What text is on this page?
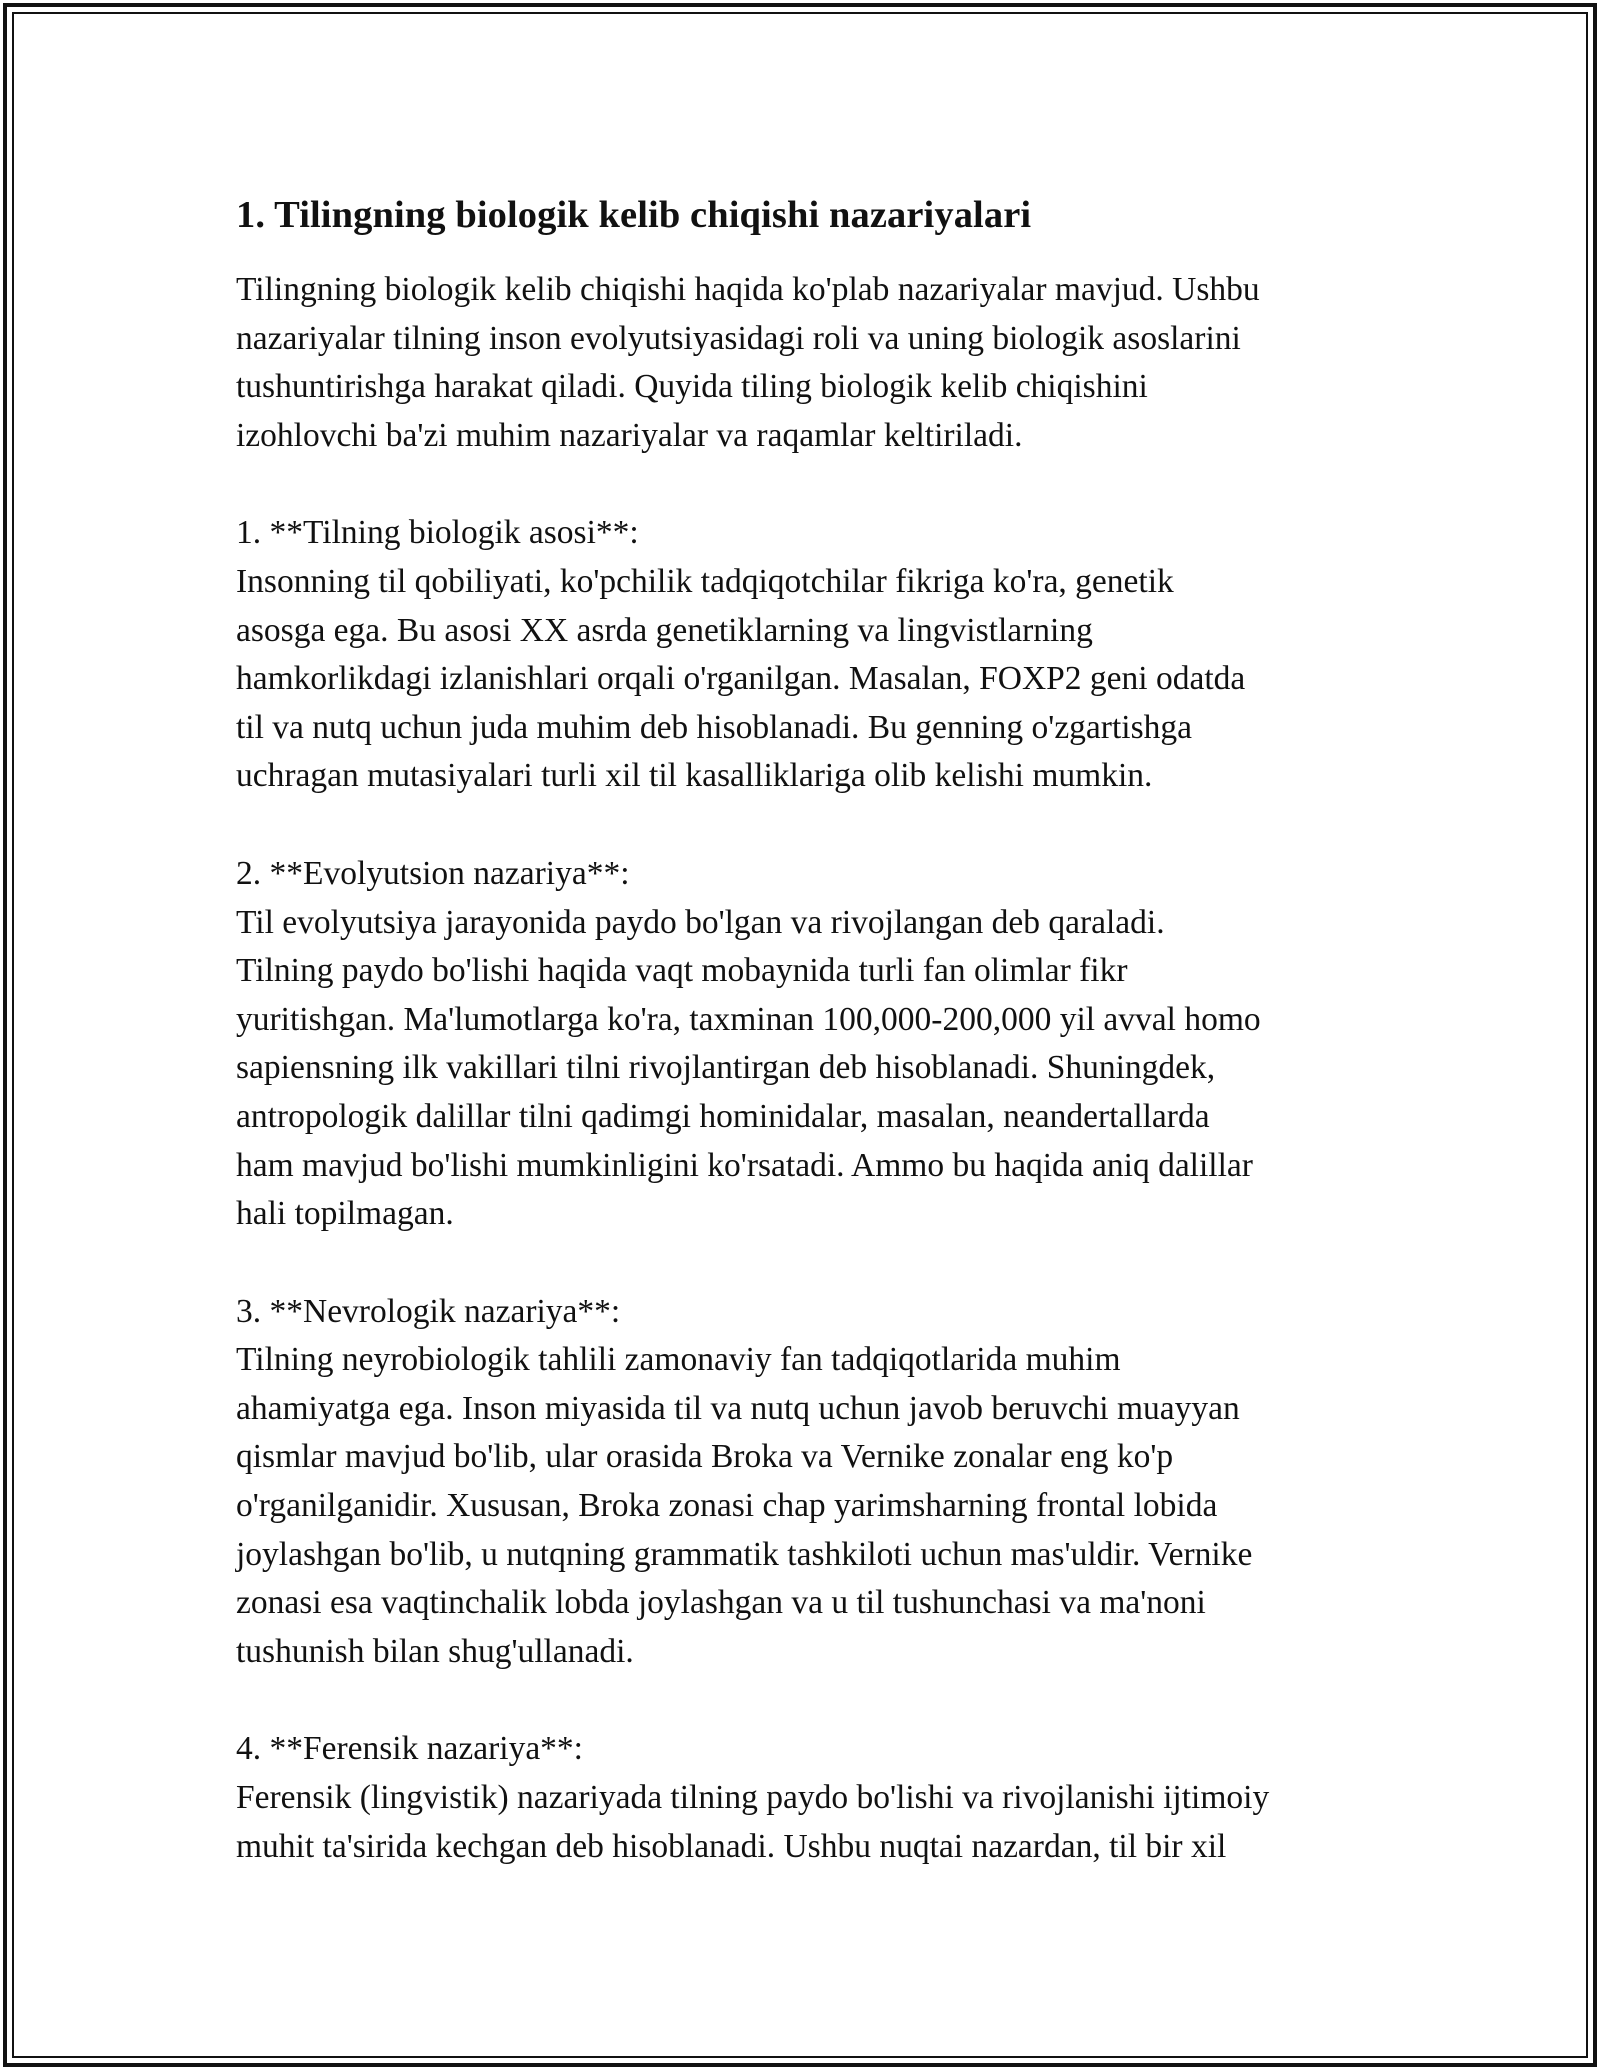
1. Tilingning biologik kelib chiqishi nazariyalari
Tilingning biologik kelib chiqishi haqida ko'plab nazariyalar mavjud. Ushbu
nazariyalar tilning inson evolyutsiyasidagi roli va uning biologik asoslarini
tushuntirishga harakat qiladi. Quyida tiling biologik kelib chiqishini
izohlovchi ba'zi muhim nazariyalar va raqamlar keltiriladi.
1. **Tilning biologik asosi**:
Insonning til qobiliyati, ko'pchilik tadqiqotchilar fikriga ko'ra, genetik
asosga ega. Bu asosi XX asrda genetiklarning va lingvistlarning
hamkorlikdagi izlanishlari orqali o'rganilgan. Masalan, FOXP2 geni odatda
til va nutq uchun juda muhim deb hisoblanadi. Bu genning o'zgartishga
uchragan mutasiyalari turli xil til kasalliklariga olib kelishi mumkin.
2. **Evolyutsion nazariya**:
Til evolyutsiya jarayonida paydo bo'lgan va rivojlangan deb qaraladi.
Tilning paydo bo'lishi haqida vaqt mobaynida turli fan olimlar fikr
yuritishgan. Ma'lumotlarga ko'ra, taxminan 100,000-200,000 yil avval homo
sapiensning ilk vakillari tilni rivojlantirgan deb hisoblanadi. Shuningdek,
antropologik dalillar tilni qadimgi hominidalar, masalan, neandertallarda
ham mavjud bo'lishi mumkinligini ko'rsatadi. Ammo bu haqida aniq dalillar
hali topilmagan.
3. **Nevrologik nazariya**:
Tilning neyrobiologik tahlili zamonaviy fan tadqiqotlarida muhim
ahamiyatga ega. Inson miyasida til va nutq uchun javob beruvchi muayyan
qismlar mavjud bo'lib, ular orasida Broka va Vernike zonalar eng ko'p
o'rganilganidir. Xususan, Broka zonasi chap yarimsharning frontal lobida
joylashgan bo'lib, u nutqning grammatik tashkiloti uchun mas'uldir. Vernike
zonasi esa vaqtinchalik lobda joylashgan va u til tushunchasi va ma'noni
tushunish bilan shug'ullanadi.
4. **Ferensik nazariya**:
Ferensik (lingvistik) nazariyada tilning paydo bo'lishi va rivojlanishi ijtimoiy
muhit ta'sirida kechgan deb hisoblanadi. Ushbu nuqtai nazardan, til bir xil
